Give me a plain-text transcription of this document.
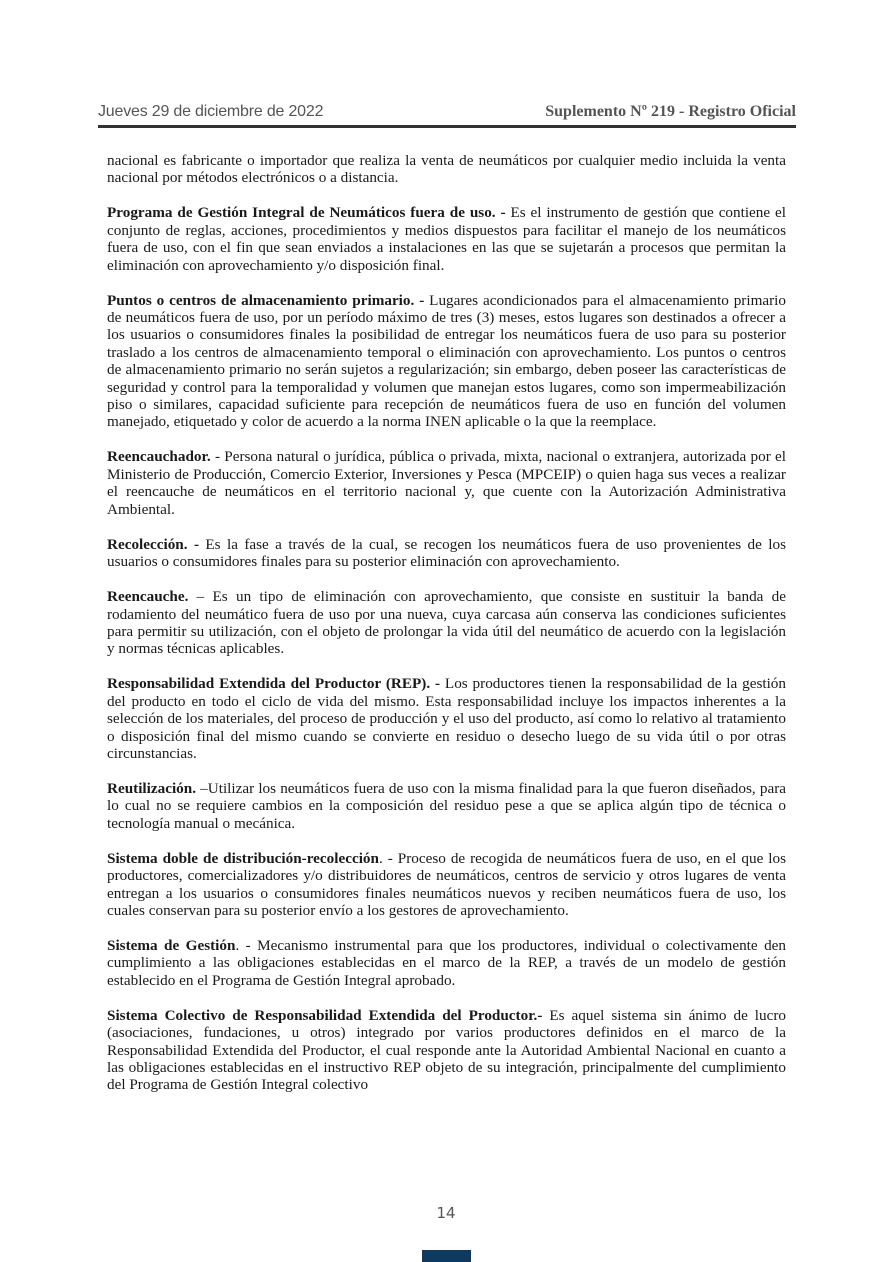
Jueves 29 de diciembre de 2022	Suplemento Nº 219 - Registro Oficial

nacional es fabricante o importador que realiza la venta de neumáticos por cualquier medio incluida la venta nacional por métodos electrónicos o a distancia.

Programa de Gestión Integral de Neumáticos fuera de uso. - Es el instrumento de gestión que contiene el conjunto de reglas, acciones, procedimientos y medios dispuestos para facilitar el manejo de los neumáticos fuera de uso, con el fin que sean enviados a instalaciones en las que se sujetarán a procesos que permitan la eliminación con aprovechamiento y/o disposición final.

Puntos o centros de almacenamiento primario. - Lugares acondicionados para el almacenamiento primario de neumáticos fuera de uso, por un período máximo de tres (3) meses, estos lugares son destinados a ofrecer a los usuarios o consumidores finales la posibilidad de entregar los neumáticos fuera de uso para su posterior traslado a los centros de almacenamiento temporal o eliminación con aprovechamiento. Los puntos o centros de almacenamiento primario no serán sujetos a regularización; sin embargo, deben poseer las características de seguridad y control para la temporalidad y volumen que manejan estos lugares, como son impermeabilización piso o similares, capacidad suficiente para recepción de neumáticos fuera de uso en función del volumen manejado, etiquetado y color de acuerdo a la norma INEN aplicable o la que la reemplace.

Reencauchador. - Persona natural o jurídica, pública o privada, mixta, nacional o extranjera, autorizada por el Ministerio de Producción, Comercio Exterior, Inversiones y Pesca (MPCEIP) o quien haga sus veces a realizar el reencauche de neumáticos en el territorio nacional y, que cuente con la Autorización Administrativa Ambiental.

Recolección. - Es la fase a través de la cual, se recogen los neumáticos fuera de uso provenientes de los usuarios o consumidores finales para su posterior eliminación con aprovechamiento.

Reencauche. – Es un tipo de eliminación con aprovechamiento, que consiste en sustituir la banda de rodamiento del neumático fuera de uso por una nueva, cuya carcasa aún conserva las condiciones suficientes para permitir su utilización, con el objeto de prolongar la vida útil del neumático de acuerdo con la legislación y normas técnicas aplicables.

Responsabilidad Extendida del Productor (REP). - Los productores tienen la responsabilidad de la gestión del producto en todo el ciclo de vida del mismo. Esta responsabilidad incluye los impactos inherentes a la selección de los materiales, del proceso de producción y el uso del producto, así como lo relativo al tratamiento o disposición final del mismo cuando se convierte en residuo o desecho luego de su vida útil o por otras circunstancias.

Reutilización. –Utilizar los neumáticos fuera de uso con la misma finalidad para la que fueron diseñados, para lo cual no se requiere cambios en la composición del residuo pese a que se aplica algún tipo de técnica o tecnología manual o mecánica.

Sistema doble de distribución-recolección. - Proceso de recogida de neumáticos fuera de uso, en el que los productores, comercializadores y/o distribuidores de neumáticos, centros de servicio y otros lugares de venta entregan a los usuarios o consumidores finales neumáticos nuevos y reciben neumáticos fuera de uso, los cuales conservan para su posterior envío a los gestores de aprovechamiento.

Sistema de Gestión. - Mecanismo instrumental para que los productores, individual o colectivamente den cumplimiento a las obligaciones establecidas en el marco de la REP, a través de un modelo de gestión establecido en el Programa de Gestión Integral aprobado.

Sistema Colectivo de Responsabilidad Extendida del Productor.- Es aquel sistema sin ánimo de lucro (asociaciones, fundaciones, u otros) integrado por varios productores definidos en el marco de la Responsabilidad Extendida del Productor, el cual responde ante la Autoridad Ambiental Nacional en cuanto a las obligaciones establecidas en el instructivo REP objeto de su integración, principalmente del cumplimiento del Programa de Gestión Integral colectivo

14
